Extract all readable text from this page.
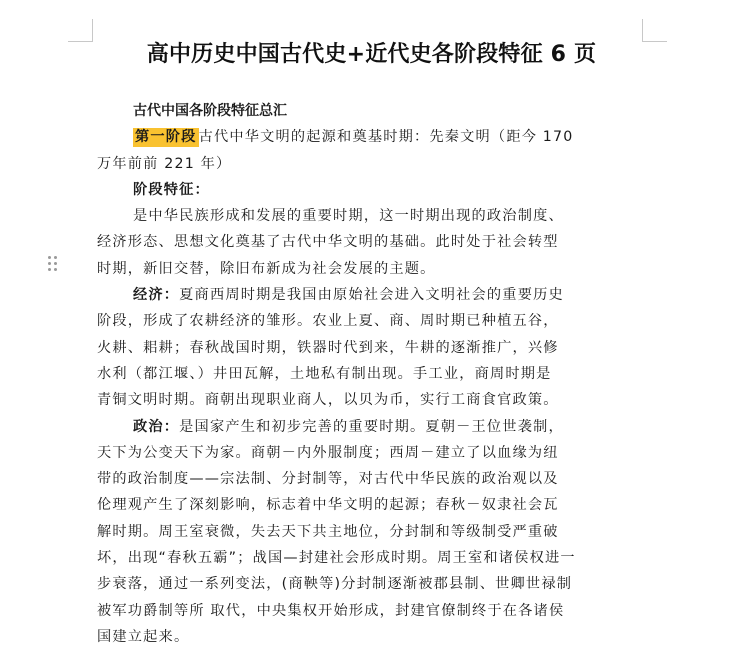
高中历史中国古代史+近代史各阶段特征 6 页
古代中国各阶段特征总汇
第一阶段 古代中华文明的起源和奠基时期：先秦文明（距今 170
万年前前 221 年）
阶段特征：
是中华民族形成和发展的重要时期，这一时期出现的政治制度、
经济形态、思想文化奠基了古代中华文明的基础。此时处于社会转型
时期，新旧交替，除旧布新成为社会发展的主题。
经济：夏商西周时期是我国由原始社会进入文明社会的重要历史
阶段，形成了农耕经济的雏形。农业上夏、商、周时期已种植五谷，
火耕、耜耕；春秋战国时期，铁器时代到来，牛耕的逐渐推广，兴修
水利（都江堰、）井田瓦解，土地私有制出现。手工业，商周时期是
青铜文明时期。商朝出现职业商人，以贝为币，实行工商食官政策。
政治：是国家产生和初步完善的重要时期。夏朝－王位世袭制，
天下为公变天下为家。商朝－内外服制度；西周－建立了以血缘为纽
带的政治制度——宗法制、分封制等，对古代中华民族的政治观以及
伦理观产生了深刻影响，标志着中华文明的起源；春秋－奴隶社会瓦
解时期。周王室衰微，失去天下共主地位，分封制和等级制受严重破
坏，出现“春秋五霸”；战国—封建社会形成时期。周王室和诸侯权进一
步衰落，通过一系列变法，(商鞅等)分封制逐渐被郡县制、世卿世禄制
被军功爵制等所 取代，中央集权开始形成，封建官僚制终于在各诸侯
国建立起来。
